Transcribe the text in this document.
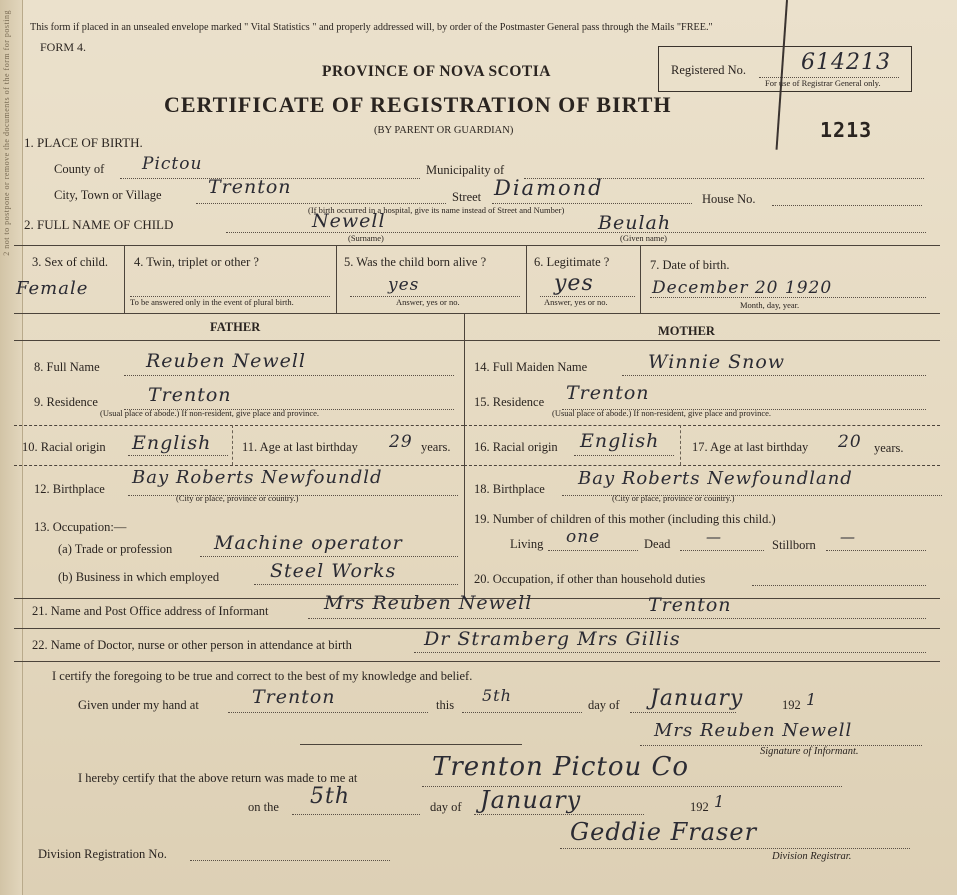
2 not to postpone or remove the documents of the form for posting This form if placed in an unsealed envelope marked " Vital Statistics " and properly addressed will, by order of the Postmaster General pass through the Mails "FREE."
FORM 4.
PROVINCE OF NOVA SCOTIA
CERTIFICATE OF REGISTRATION OF BIRTH
(BY PARENT OR GUARDIAN)
Registered No.	614213
For use of Registrar General only.
1213
1. PLACE OF BIRTH.
County of Pictou	Municipality of
City, Town or Village Trenton	Street Diamond	House No.
(If birth occurred in a hospital, give its name instead of Street and Number)
2. FULL NAME OF CHILD	Newell	Beulah
(Surname)	(Given name)
3. Sex of child.
Female
4. Twin, triplet or other ?
To be answered only in the event of plural birth.
5. Was the child born alive ?
yes
Answer, yes or no.
6. Legitimate ?
yes
Answer, yes or no.
7. Date of birth.
December 20 1920
Month, day, year.
FATHER	MOTHER
8. Full Name Reuben Newell
9. Residence	Trenton
(Usual place of abode.) If non-resident, give place and province.
10. Racial origin English 11. Age at last birthday 29 years.
12. Birthplace
Bay Roberts Newfoundld
(City or place, province or country.)
13. Occupation:—
(a) Trade or profession Machine operator
(b) Business in which employed	Steel Works
14. Full Maiden Name	Winnie Snow
15. Residence Trenton
(Usual place of abode.) If non-resident, give place and province.
16. Racial origin English	17. Age at last birthday 20 years.
18. Birthplace Bay Roberts Newfoundland
(City or place, province or country.)
19. Number of children of this mother (including this child.)
Living one	Dead —	Stillborn —
20. Occupation, if other than household duties
21. Name and Post Office address of Informant	Mrs Reuben Newell	Trenton
22. Name of Doctor, nurse or other person in attendance at birth	Dr Stramberg Mrs Gillis
I certify the foregoing to be true and correct to the best of my knowledge and belief.
Given under my hand at	Trenton	this 5th	day of January	192 1
Mrs Reuben Newell
Signature of Informant.
I hereby certify that the above return was made to me at	Trenton Pictou Co
on the 5th	day of January	192 1
Division Registration No.
Geddie Fraser
Division Registrar.
